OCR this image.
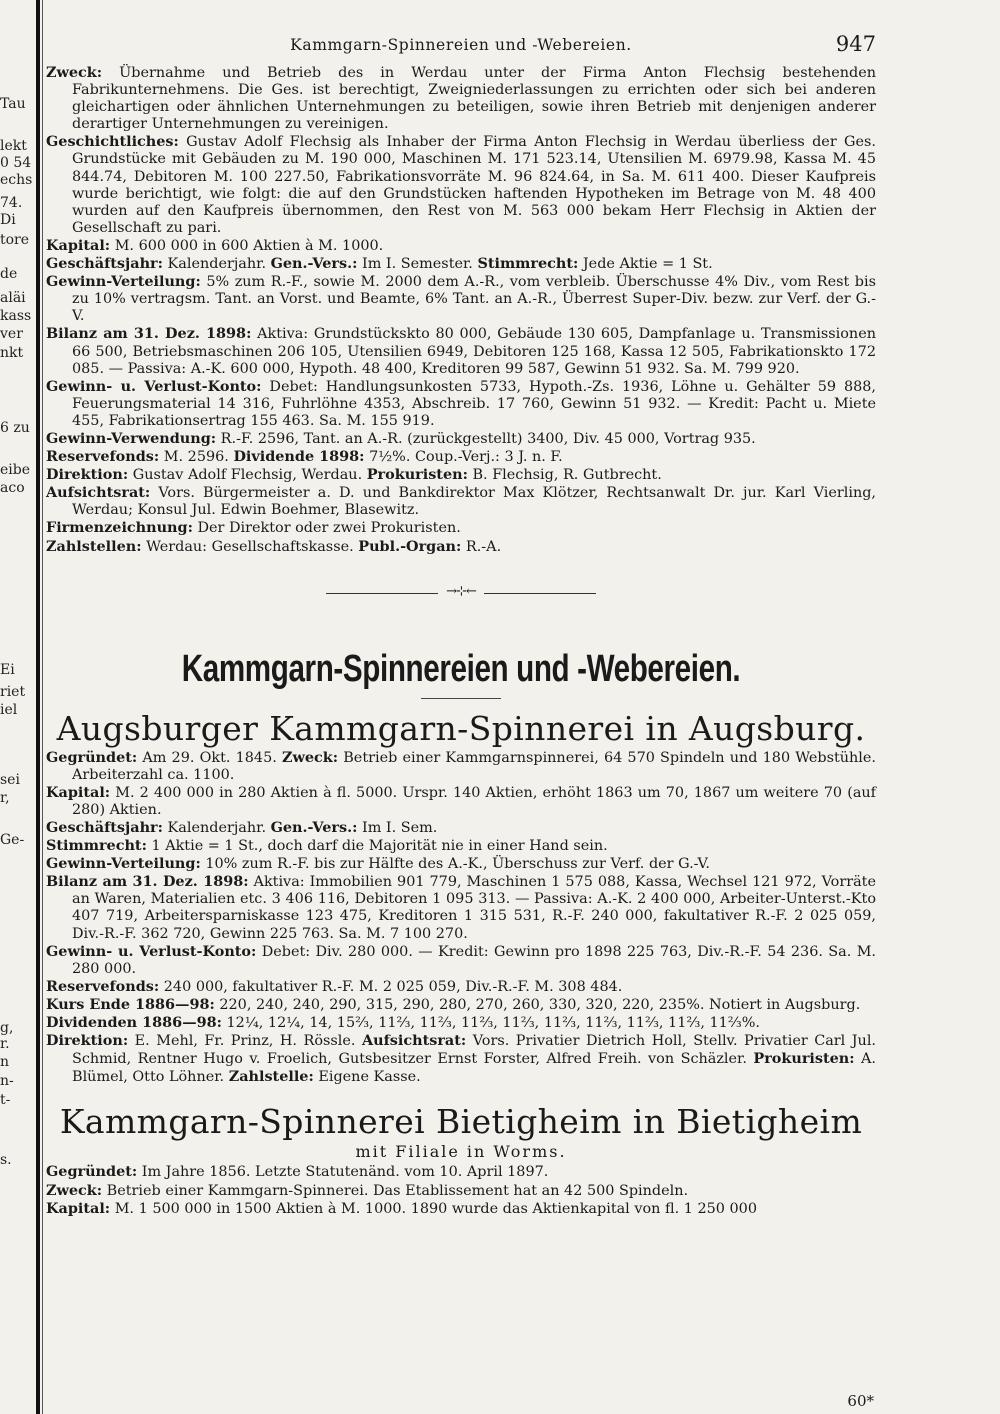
Tau
lekt
0 54
echs
74.
Di
tore
de
aläi
kass
ver
nkt
6 zu
eibe
aco
Ei
riet
iel
sei
r,
Ge-
g,
r.
n
n-
t-
s.
Kammgarn-Spinnereien und -Webereien.	947

Zweck: Übernahme und Betrieb des in Werdau unter der Firma Anton Flechsig bestehenden Fabrikunternehmens. Die Ges. ist berechtigt, Zweigniederlassungen zu errichten oder sich bei anderen gleichartigen oder ähnlichen Unternehmungen zu beteiligen, sowie ihren Betrieb mit denjenigen anderer derartiger Unternehmungen zu vereinigen.

Geschichtliches: Gustav Adolf Flechsig als Inhaber der Firma Anton Flechsig in Werdau überliess der Ges. Grundstücke mit Gebäuden zu M. 190 000, Maschinen M. 171 523.14, Utensilien M. 6979.98, Kassa M. 45 844.74, Debitoren M. 100 227.50, Fabrikationsvorräte M. 96 824.64, in Sa. M. 611 400. Dieser Kaufpreis wurde berichtigt, wie folgt: die auf den Grundstücken haftenden Hypotheken im Betrage von M. 48 400 wurden auf den Kaufpreis übernommen, den Rest von M. 563 000 bekam Herr Flechsig in Aktien der Gesellschaft zu pari.

Kapital: M. 600 000 in 600 Aktien à M. 1000.

Geschäftsjahr: Kalenderjahr. Gen.-Vers.: Im I. Semester. Stimmrecht: Jede Aktie = 1 St.

Gewinn-Verteilung: 5% zum R.-F., sowie M. 2000 dem A.-R., vom verbleib. Überschusse 4% Div., vom Rest bis zu 10% vertragsm. Tant. an Vorst. und Beamte, 6% Tant. an A.-R., Überrest Super-Div. bezw. zur Verf. der G.-V.

Bilanz am 31. Dez. 1898: Aktiva: Grundstückskto 80 000, Gebäude 130 605, Dampfanlage u. Transmissionen 66 500, Betriebsmaschinen 206 105, Utensilien 6949, Debitoren 125 168, Kassa 12 505, Fabrikationskto 172 085. — Passiva: A.-K. 600 000, Hypoth. 48 400, Kreditoren 99 587, Gewinn 51 932. Sa. M. 799 920.

Gewinn- u. Verlust-Konto: Debet: Handlungsunkosten 5733, Hypoth.-Zs. 1936, Löhne u. Gehälter 59 888, Feuerungsmaterial 14 316, Fuhrlöhne 4353, Abschreib. 17 760, Gewinn 51 932. — Kredit: Pacht u. Miete 455, Fabrikationsertrag 155 463. Sa. M. 155 919.

Gewinn-Verwendung: R.-F. 2596, Tant. an A.-R. (zurückgestellt) 3400, Div. 45 000, Vortrag 935.

Reservefonds: M. 2596. Dividende 1898: 7½%. Coup.-Verj.: 3 J. n. F.

Direktion: Gustav Adolf Flechsig, Werdau. Prokuristen: B. Flechsig, R. Gutbrecht.

Aufsichtsrat: Vors. Bürgermeister a. D. und Bankdirektor Max Klötzer, Rechtsanwalt Dr. jur. Karl Vierling, Werdau; Konsul Jul. Edwin Boehmer, Blasewitz.

Firmenzeichnung: Der Direktor oder zwei Prokuristen.

Zahlstellen: Werdau: Gesellschaftskasse. Publ.-Organ: R.-A.

→⊹←
Kammgarn-Spinnereien und -Webereien.
Augsburger Kammgarn-Spinnerei in Augsburg.

Gegründet: Am 29. Okt. 1845. Zweck: Betrieb einer Kammgarnspinnerei, 64 570 Spindeln und 180 Webstühle. Arbeiterzahl ca. 1100.

Kapital: M. 2 400 000 in 280 Aktien à fl. 5000. Urspr. 140 Aktien, erhöht 1863 um 70, 1867 um weitere 70 (auf 280) Aktien.

Geschäftsjahr: Kalenderjahr. Gen.-Vers.: Im I. Sem.

Stimmrecht: 1 Aktie = 1 St., doch darf die Majorität nie in einer Hand sein.

Gewinn-Verteilung: 10% zum R.-F. bis zur Hälfte des A.-K., Überschuss zur Verf. der G.-V.

Bilanz am 31. Dez. 1898: Aktiva: Immobilien 901 779, Maschinen 1 575 088, Kassa, Wechsel 121 972, Vorräte an Waren, Materialien etc. 3 406 116, Debitoren 1 095 313. — Passiva: A.-K. 2 400 000, Arbeiter-Unterst.-Kto 407 719, Arbeitersparniskasse 123 475, Kreditoren 1 315 531, R.-F. 240 000, fakultativer R.-F. 2 025 059, Div.-R.-F. 362 720, Gewinn 225 763. Sa. M. 7 100 270.

Gewinn- u. Verlust-Konto: Debet: Div. 280 000. — Kredit: Gewinn pro 1898 225 763, Div.-R.-F. 54 236. Sa. M. 280 000.

Reservefonds: 240 000, fakultativer R.-F. M. 2 025 059, Div.-R.-F. M. 308 484.

Kurs Ende 1886—98: 220, 240, 240, 290, 315, 290, 280, 270, 260, 330, 320, 220, 235%. Notiert in Augsburg.

Dividenden 1886—98: 12¼, 12¼, 14, 15⅔, 11⅔, 11⅔, 11⅔, 11⅔, 11⅔, 11⅔, 11⅔, 11⅔, 11⅔%.

Direktion: E. Mehl, Fr. Prinz, H. Rössle. Aufsichtsrat: Vors. Privatier Dietrich Holl, Stellv. Privatier Carl Jul. Schmid, Rentner Hugo v. Froelich, Gutsbesitzer Ernst Forster, Alfred Freih. von Schäzler. Prokuristen: A. Blümel, Otto Löhner. Zahlstelle: Eigene Kasse.

Kammgarn-Spinnerei Bietigheim in Bietigheim
mit Filiale in Worms.

Gegründet: Im Jahre 1856. Letzte Statutenänd. vom 10. April 1897.

Zweck: Betrieb einer Kammgarn-Spinnerei. Das Etablissement hat an 42 500 Spindeln.

Kapital: M. 1 500 000 in 1500 Aktien à M. 1000. 1890 wurde das Aktienkapital von fl. 1 250 000

60*
